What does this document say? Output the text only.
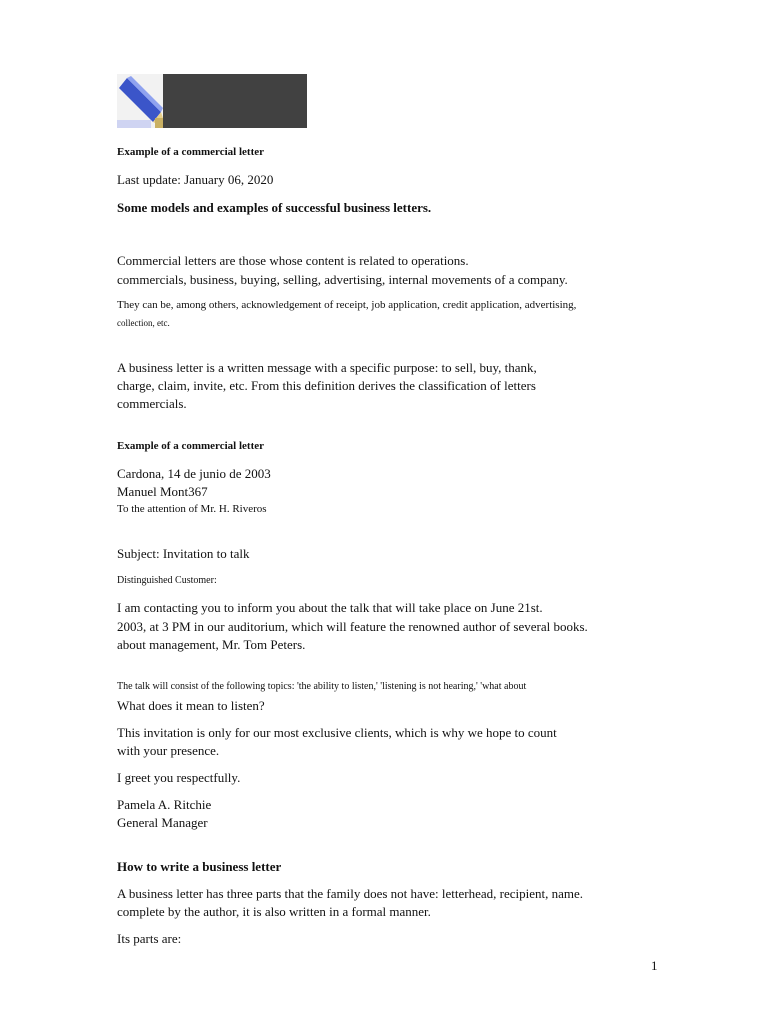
Example of a commercial letter
Last update: January 06, 2020
Some models and examples of successful business letters.
Commercial letters are those whose content is related to operations.
commercials, business, buying, selling, advertising, internal movements of a company.
They can be, among others, acknowledgement of receipt, job application, credit application, advertising,
collection, etc.
A business letter is a written message with a specific purpose: to sell, buy, thank,
charge, claim, invite, etc. From this definition derives the classification of letters
commercials.
Example of a commercial letter
Cardona, 14 de junio de 2003
Manuel Mont367
To the attention of Mr. H. Riveros
Subject: Invitation to talk
Distinguished Customer:
I am contacting you to inform you about the talk that will take place on June 21st.
2003, at 3 PM in our auditorium, which will feature the renowned author of several books.
about management, Mr. Tom Peters.
The talk will consist of the following topics: 'the ability to listen,' 'listening is not hearing,' 'what about
What does it mean to listen?
This invitation is only for our most exclusive clients, which is why we hope to count
with your presence.
I greet you respectfully.
Pamela A. Ritchie
General Manager
How to write a business letter
A business letter has three parts that the family does not have: letterhead, recipient, name.
complete by the author, it is also written in a formal manner.
Its parts are:
1
